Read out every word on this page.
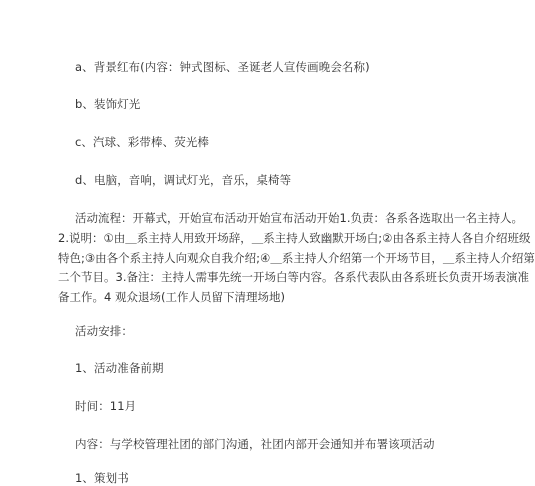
a、背景红布(内容：钟式图标、圣诞老人宣传画晚会名称)
b、装饰灯光
c、汽球、彩带棒、荧光棒
d、电脑，音响，调试灯光，音乐，桌椅等
活动流程：开幕式，开始宣布活动开始宣布活动开始1.负责：各系各选取出一名主持人。
2.说明：①由＿系主持人用致开场辞，＿系主持人致幽默开场白;②由各系主持人各自介绍班级
特色;③由各个系主持人向观众自我介绍;④＿系主持人介绍第一个开场节目，＿系主持人介绍第
二个节目。3.备注：主持人需事先统一开场白等内容。各系代表队由各系班长负责开场表演准
备工作。4 观众退场(工作人员留下清理场地)
活动安排：
1、活动准备前期
时间：11月
内容：与学校管理社团的部门沟通，社团内部开会通知并布署该项活动
1、策划书
